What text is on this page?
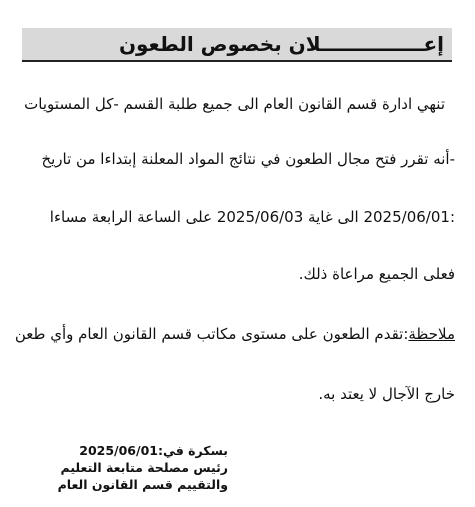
إعـــــــــــــــلان بخصوص الطعون
تنهي ادارة قسم القانون العام الى جميع طلبة القسم -كل المستويات
-أنه تقرر فتح مجال الطعون في نتائج المواد المعلنة إبتداءا من تاريخ
:2025/06/01 الى غاية 2025/06/03 على الساعة الرابعة مساءا
فعلى الجميع مراعاة ذلك.
ملاحظة:تقدم الطعون على مستوى مكاتب قسم القانون العام وأي طعن
خارج الآجال لا يعتد به.
بسكرة في:2025/06/01
رئيس مصلحة متابعة التعليم
والتقييم قسم القانون العام
